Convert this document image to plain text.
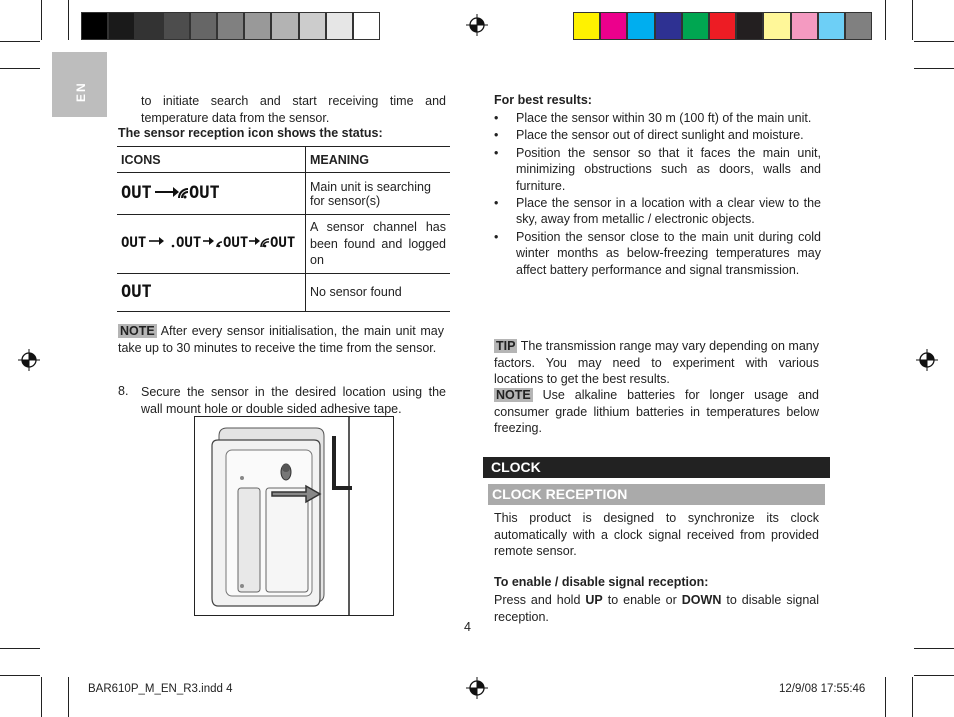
EN	to initiate search and start receiving time and temperature data from the sensor.
The sensor reception icon shows the status:
ICONS	MEANING

OUT OUT	Main unit is searching for sensor(s)

OUT OUT OUT OUT	A sensor channel has been found and logged on

OUT	No sensor found
NOTE After every sensor initialisation, the main unit may take up to 30 minutes to receive the time from the sensor.
8. Secure the sensor in the desired location using the wall mount hole or double sided adhesive tape.
For best results:
• Place the sensor within 30 m (100 ft) of the main unit.
• Place the sensor out of direct sunlight and moisture.
• Position the sensor so that it faces the main unit, minimizing obstructions such as doors, walls and furniture.
• Place the sensor in a location with a clear view to the sky, away from metallic / electronic objects.
• Position the sensor close to the main unit during cold winter months as below-freezing temperatures may affect battery performance and signal transmission.
TIP The transmission range may vary depending on many factors. You may need to experiment with various locations to get the best results.
NOTE Use alkaline batteries for longer usage and consumer grade lithium batteries in temperatures below freezing.
CLOCK
CLOCK RECEPTION
This product is designed to synchronize its clock automatically with a clock signal received from provided remote sensor.
To enable / disable signal reception:
Press and hold UP to enable or DOWN to disable signal reception.
4
BAR610P_M_EN_R3.indd 4	12/9/08 17:55:46
